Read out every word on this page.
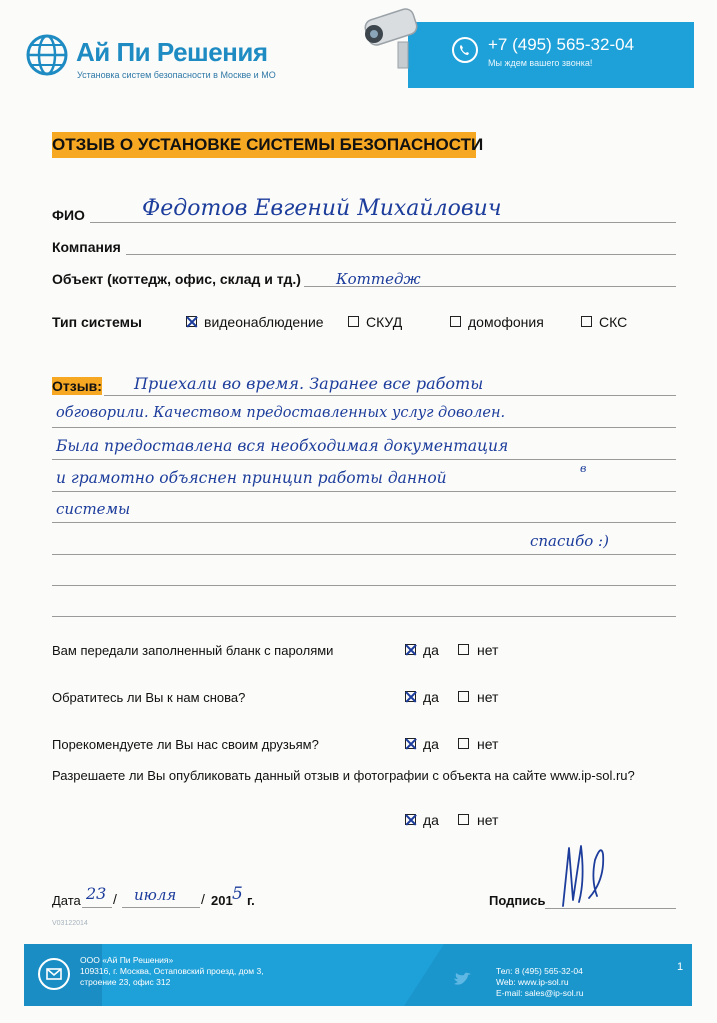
Ай Пи Решения
Установка систем безопасности в Москве и МО
+7 (495) 565-32-04
Мы ждем вашего звонка!
ОТЗЫВ О УСТАНОВКЕ СИСТЕМЫ БЕЗОПАСНОСТИ
ФИО	Федотов Евгений Михайлович
Компания
Объект (коттедж, офис, склад и тд.) Коттедж
Тип системы	видеонаблюдение	СКУД	домофония	СКС
Отзыв: Приехали во время. Заранее все работы
обговорили. Качеством предоставленных услуг доволен.
Была предоставлена вся необходимая документация
и грамотно объяснен принцип работы данной
в
системы
спасибо :)
Вам передали заполненный бланк с паролями	да	нет
Обратитесь ли Вы к нам снова?	да	нет
Порекомендуете ли Вы нас своим друзьям?	да	нет
Разрешаете ли Вы опубликовать данный отзыв и фотографии с объекта на сайте www.ip-sol.ru?
да	нет
Дата 23 / июля / 201 5 г.	Подпись
V03122014
ООО «Ай Пи Решения»
109316, г. Москва, Остаповский проезд, дом 3,
строение 23, офис 312
Тел: 8 (495) 565-32-04
Web: www.ip-sol.ru
E-mail: sales@ip-sol.ru
1
